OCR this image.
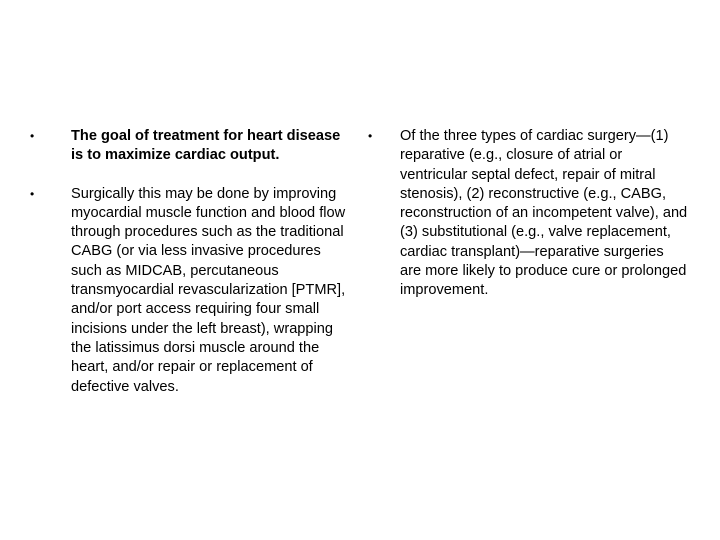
•	The goal of treatment for heart disease is to maximize cardiac output.
•	Surgically this may be done by improving myocardial muscle function and blood flow through procedures such as the traditional CABG (or via less invasive procedures such as MIDCAB, percutaneous transmyocardial revascularization [PTMR], and/or port access requiring four small incisions under the left breast), wrapping the latissimus dorsi muscle around the heart, and/or repair or replacement of defective valves.
• Of the three types of cardiac surgery—(1) reparative (e.g., closure of atrial or ventricular septal defect, repair of mitral stenosis), (2) reconstructive (e.g., CABG, reconstruction of an incompetent valve), and (3) substitutional (e.g., valve replacement, cardiac transplant)—reparative surgeries are more likely to produce cure or prolonged improvement.
